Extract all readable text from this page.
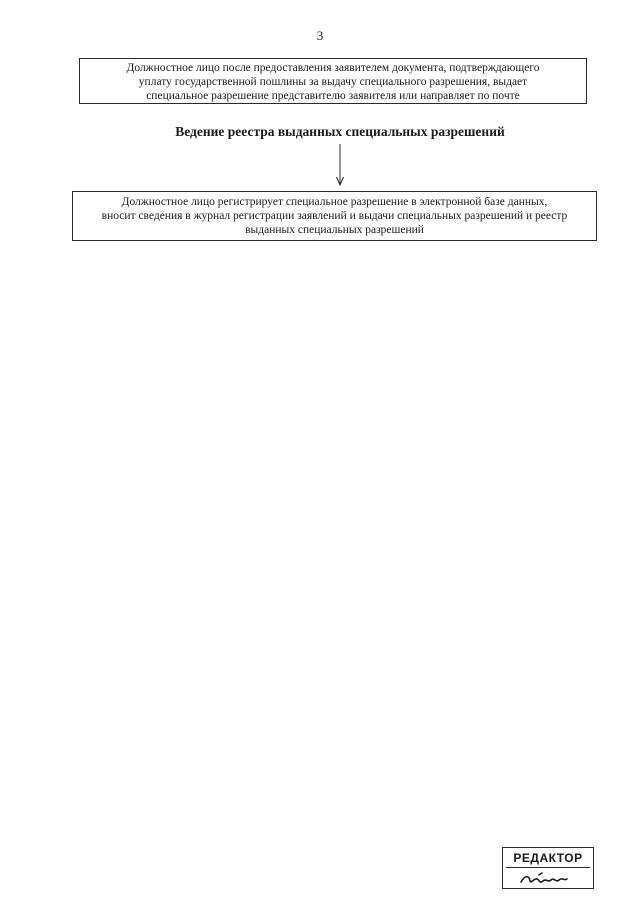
3

Должностное лицо после предоставления заявителем документа, подтверждающего

уплату государственной пошлины за выдачу специального разрешения, выдает

специальное разрешение представителю заявителя или направляет по почте

Ведение реестра выданных специальных разрешений

Должностное лицо регистрирует специальное разрешение в электронной базе данных,

вносит сведения в журнал регистрации заявлений и выдачи специальных разрешений и реестр

выданных специальных разрешений

РЕДАКТОР
